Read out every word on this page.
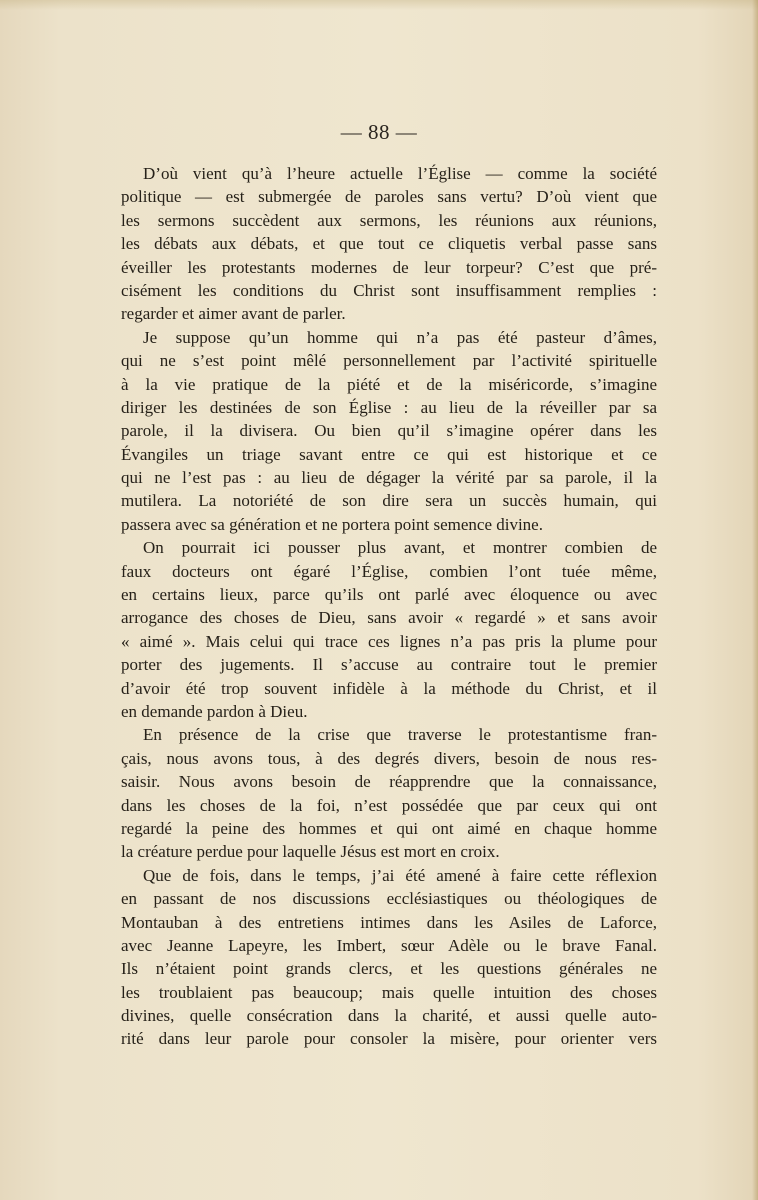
— 88 —
D’où vient qu’à l’heure actuelle l’Église — comme la société
politique — est submergée de paroles sans vertu? D’où vient que
les sermons succèdent aux sermons, les réunions aux réunions,
les débats aux débats, et que tout ce cliquetis verbal passe sans
éveiller les protestants modernes de leur torpeur? C’est que pré-
cisément les conditions du Christ sont insuffisamment remplies :
regarder et aimer avant de parler.
Je suppose qu’un homme qui n’a pas été pasteur d’âmes,
qui ne s’est point mêlé personnellement par l’activité spirituelle
à la vie pratique de la piété et de la miséricorde, s’imagine
diriger les destinées de son Église : au lieu de la réveiller par sa
parole, il la divisera. Ou bien qu’il s’imagine opérer dans les
Évangiles un triage savant entre ce qui est historique et ce
qui ne l’est pas : au lieu de dégager la vérité par sa parole, il la
mutilera. La notoriété de son dire sera un succès humain, qui
passera avec sa génération et ne portera point semence divine.
On pourrait ici pousser plus avant, et montrer combien de
faux docteurs ont égaré l’Église, combien l’ont tuée même,
en certains lieux, parce qu’ils ont parlé avec éloquence ou avec
arrogance des choses de Dieu, sans avoir « regardé » et sans avoir
« aimé ». Mais celui qui trace ces lignes n’a pas pris la plume pour
porter des jugements. Il s’accuse au contraire tout le premier
d’avoir été trop souvent infidèle à la méthode du Christ, et il
en demande pardon à Dieu.
En présence de la crise que traverse le protestantisme fran-
çais, nous avons tous, à des degrés divers, besoin de nous res-
saisir. Nous avons besoin de réapprendre que la connaissance,
dans les choses de la foi, n’est possédée que par ceux qui ont
regardé la peine des hommes et qui ont aimé en chaque homme
la créature perdue pour laquelle Jésus est mort en croix.
Que de fois, dans le temps, j’ai été amené à faire cette réflexion
en passant de nos discussions ecclésiastiques ou théologiques de
Montauban à des entretiens intimes dans les Asiles de Laforce,
avec Jeanne Lapeyre, les Imbert, sœur Adèle ou le brave Fanal.
Ils n’étaient point grands clercs, et les questions générales ne
les troublaient pas beaucoup; mais quelle intuition des choses
divines, quelle consécration dans la charité, et aussi quelle auto-
rité dans leur parole pour consoler la misère, pour orienter vers
